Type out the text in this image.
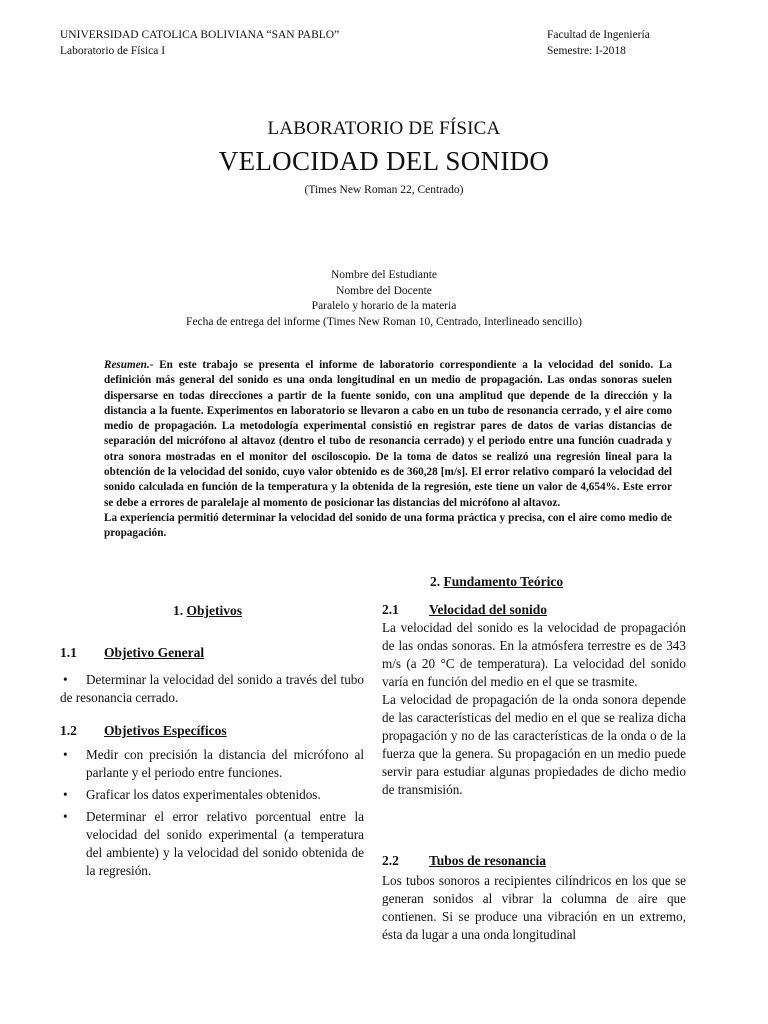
UNIVERSIDAD CATOLICA BOLIVIANA “SAN PABLO”
Laboratorio de Física I
Facultad de Ingeniería
Semestre: I-2018
LABORATORIO DE FÍSICA
VELOCIDAD DEL SONIDO
(Times New Roman 22, Centrado)
Nombre del Estudiante
Nombre del Docente
Paralelo y horario de la materia
Fecha de entrega del informe (Times New Roman 10, Centrado, Interlineado sencillo)

Resumen.- En este trabajo se presenta el informe de laboratorio correspondiente a la velocidad del sonido. La definición más general del sonido es una onda longitudinal en un medio de propagación. Las ondas sonoras suelen dispersarse en todas direcciones a partir de la fuente sonido, con una amplitud que depende de la dirección y la distancia a la fuente. Experimentos en laboratorio se llevaron a cabo en un tubo de resonancia cerrado, y el aire como medio de propagación. La metodología experimental consistió en registrar pares de datos de varias distancias de separación del micrófono al altavoz (dentro el tubo de resonancia cerrado) y el periodo entre una función cuadrada y otra sonora mostradas en el monitor del osciloscopio. De la toma de datos se realizó una regresión lineal para la obtención de la velocidad del sonido, cuyo valor obtenido es de 360,28 [m/s]. El error relativo comparó la velocidad del sonido calculada en función de la temperatura y la obtenida de la regresión, este tiene un valor de 4,654%. Este error se debe a errores de paralelaje al momento de posicionar las distancias del micrófono al altavoz.

La experiencia permitió determinar la velocidad del sonido de una forma práctica y precisa, con el aire como medio de propagación.

1. Objetivos
1.1 Objetivo General
• Determinar la velocidad del sonido a través del tubo de resonancia cerrado.
1.2 Objetivos Específicos
• Medir con precisión la distancia del micrófono al parlante y el periodo entre funciones.
• Graficar los datos experimentales obtenidos.
• Determinar el error relativo porcentual entre la velocidad del sonido experimental (a temperatura del ambiente) y la velocidad del sonido obtenida de la regresión.
2. Fundamento Teórico
2.1 Velocidad del sonido

La velocidad del sonido es la velocidad de propagación de las ondas sonoras. En la atmósfera terrestre es de 343 m/s (a 20 °C de temperatura). La velocidad del sonido varía en función del medio en el que se trasmite.

La velocidad de propagación de la onda sonora depende de las características del medio en el que se realiza dicha propagación y no de las características de la onda o de la fuerza que la genera. Su propagación en un medio puede servir para estudiar algunas propiedades de dicho medio de transmisión.

2.2 Tubos de resonancia

Los tubos sonoros a recipientes cilíndricos en los que se generan sonidos al vibrar la columna de aire que contienen. Si se produce una vibración en un extremo, ésta da lugar a una onda longitudinal
